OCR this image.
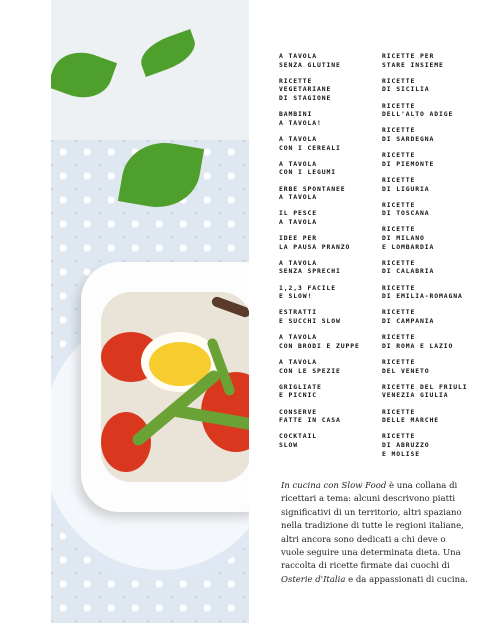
A TAVOLA
SENZA GLUTINE
RICETTE
VEGETARIANE
DI STAGIONE
BAMBINI
A TAVOLA!
A TAVOLA
CON I CEREALI
A TAVOLA
CON I LEGUMI
ERBE SPONTANEE
A TAVOLA
IL PESCE
A TAVOLA
IDEE PER
LA PAUSA PRANZO
A TAVOLA
SENZA SPRECHI
1,2,3 FACILE
E SLOW!
ESTRATTI
E SUCCHI SLOW
A TAVOLA
CON BRODI E ZUPPE
A TAVOLA
CON LE SPEZIE
GRIGLIATE
E PICNIC
CONSERVE
FATTE IN CASA
COCKTAIL
SLOW
RICETTE PER
STARE INSIEME
RICETTE
DI SICILIA
RICETTE
DELL'ALTO ADIGE
RICETTE
DI SARDEGNA
RICETTE
DI PIEMONTE
RICETTE
DI LIGURIA
RICETTE
DI TOSCANA
RICETTE
DI MILANO
E LOMBARDIA
RICETTE
DI CALABRIA
RICETTE
DI EMILIA-ROMAGNA
RICETTE
DI CAMPANIA
RICETTE
DI ROMA E LAZIO
RICETTE
DEL VENETO
RICETTE DEL FRIULI
VENEZIA GIULIA
RICETTE
DELLE MARCHE
RICETTE
DI ABRUZZO
E MOLISE
In cucina con Slow Food è una collana di ricettari a tema: alcuni descrivono piatti significativi di un territorio, altri spaziano nella tradizione di tutte le regioni italiane, altri ancora sono dedicati a chi deve o vuole seguire una determinata dieta. Una raccolta di ricette firmate dai cuochi di Osterie d'Italia e da appassionati di cucina.
